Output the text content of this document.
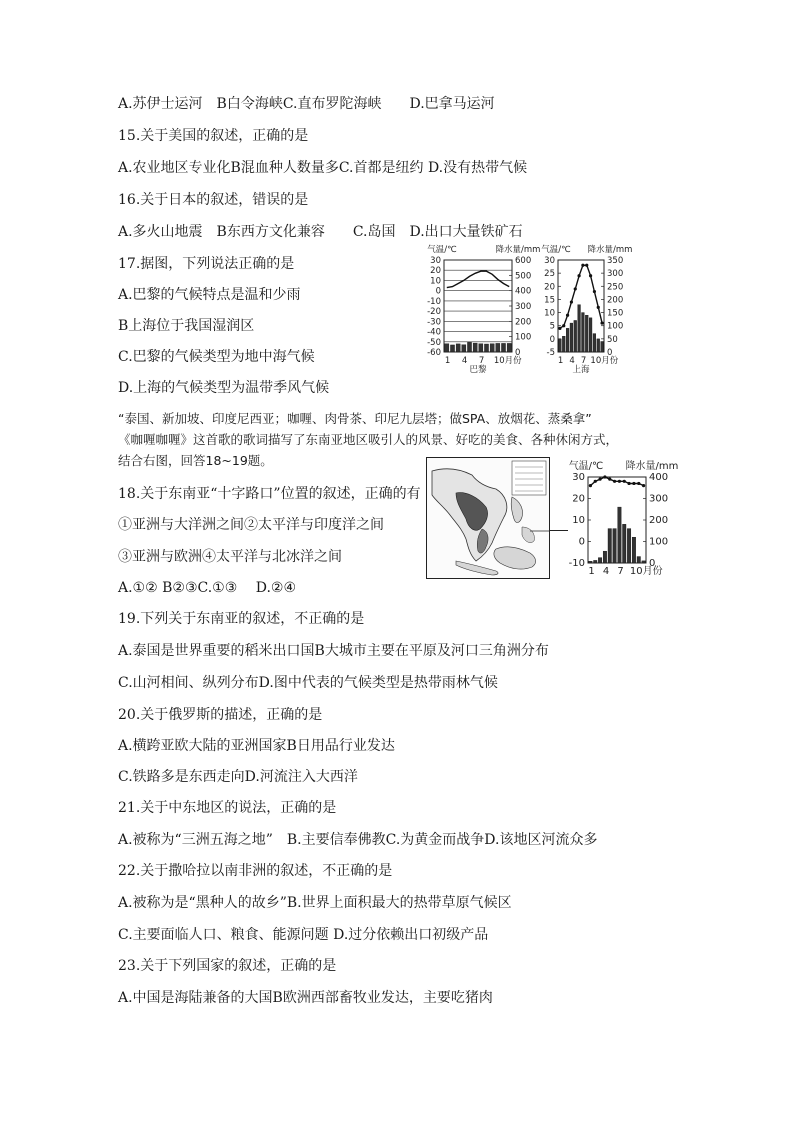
A.苏伊士运河　B白令海峡C.直布罗陀海峡　　D.巴拿马运河
15.关于美国的叙述，正确的是
A.农业地区专业化B混血种人数量多C.首都是纽约 D.没有热带气候
16.关于日本的叙述，错误的是
A.多火山地震　B东西方文化兼容　　C.岛国　D.出口大量铁矿石
17.据图，下列说法正确的是
A.巴黎的气候特点是温和少雨
B上海位于我国湿润区
C.巴黎的气候类型为地中海气候
D.上海的气候类型为温带季风气候
“泰国、新加坡、印度尼西亚；咖喱、肉骨茶、印尼九层塔；做SPA、放烟花、蒸桑拿”
《咖喱咖喱》这首歌的歌词描写了东南亚地区吸引人的风景、好吃的美食、各种休闲方式，
结合右图，回答18~19题。
18.关于东南亚“十字路口”位置的叙述，正确的有
①亚洲与大洋洲之间②太平洋与印度洋之间
③亚洲与欧洲④太平洋与北冰洋之间
A.①② B②③C.①③　 D.②④
19.下列关于东南亚的叙述，不正确的是
A.泰国是世界重要的稻米出口国B大城市主要在平原及河口三角洲分布
C.山河相间、纵列分布D.图中代表的气候类型是热带雨林气候
20.关于俄罗斯的描述，正确的是
A.横跨亚欧大陆的亚洲国家B日用品行业发达
C.铁路多是东西走向D.河流注入大西洋
21.关于中东地区的说法，正确的是
A.被称为“三洲五海之地”　B.主要信奉佛教C.为黄金而战争D.该地区河流众多
22.关于撒哈拉以南非洲的叙述，不正确的是
A.被称为是“黑种人的故乡”B.世界上面积最大的热带草原气候区
C.主要面临人口、粮食、能源问题 D.过分依赖出口初级产品
23.关于下列国家的叙述，正确的是
A.中国是海陆兼备的大国B欧洲西部畜牧业发达，主要吃猪肉
气温/℃	降水量/mm
30
20
10
0
-10
-20
-30
-40
-50
-60
600
500
400
300
200
100
0
1 4 7 10月份
巴黎
气温/℃ 降水量/mm
30
25
20
15
10
5
0
-5
350
300
250
200
150
100
50
0
1 4 7 10月份
上海
气温/℃ 降水量/mm
30
20
10
0
-10
400
300
200
100
0
1 4 7 10月份
